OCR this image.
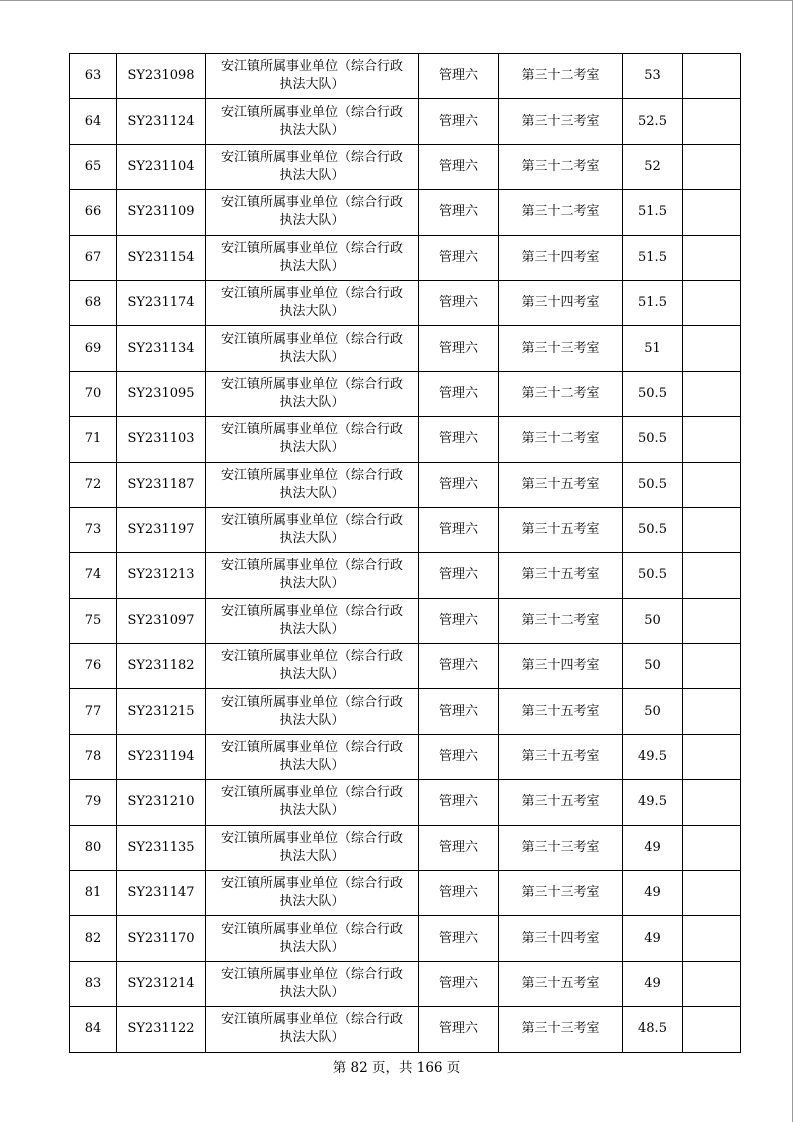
63	SY231098	安江镇所属事业单位（综合行政
执法大队）	管理六	第三十二考室	53	
64	SY231124	安江镇所属事业单位（综合行政
执法大队）	管理六	第三十三考室	52.5	
65	SY231104	安江镇所属事业单位（综合行政
执法大队）	管理六	第三十二考室	52	
66	SY231109	安江镇所属事业单位（综合行政
执法大队）	管理六	第三十二考室	51.5	
67	SY231154	安江镇所属事业单位（综合行政
执法大队）	管理六	第三十四考室	51.5	
68	SY231174	安江镇所属事业单位（综合行政
执法大队）	管理六	第三十四考室	51.5	
69	SY231134	安江镇所属事业单位（综合行政
执法大队）	管理六	第三十三考室	51	
70	SY231095	安江镇所属事业单位（综合行政
执法大队）	管理六	第三十二考室	50.5	
71	SY231103	安江镇所属事业单位（综合行政
执法大队）	管理六	第三十二考室	50.5	
72	SY231187	安江镇所属事业单位（综合行政
执法大队）	管理六	第三十五考室	50.5	
73	SY231197	安江镇所属事业单位（综合行政
执法大队）	管理六	第三十五考室	50.5	
74	SY231213	安江镇所属事业单位（综合行政
执法大队）	管理六	第三十五考室	50.5	
75	SY231097	安江镇所属事业单位（综合行政
执法大队）	管理六	第三十二考室	50	
76	SY231182	安江镇所属事业单位（综合行政
执法大队）	管理六	第三十四考室	50	
77	SY231215	安江镇所属事业单位（综合行政
执法大队）	管理六	第三十五考室	50	
78	SY231194	安江镇所属事业单位（综合行政
执法大队）	管理六	第三十五考室	49.5	
79	SY231210	安江镇所属事业单位（综合行政
执法大队）	管理六	第三十五考室	49.5	
80	SY231135	安江镇所属事业单位（综合行政
执法大队）	管理六	第三十三考室	49	
81	SY231147	安江镇所属事业单位（综合行政
执法大队）	管理六	第三十三考室	49	
82	SY231170	安江镇所属事业单位（综合行政
执法大队）	管理六	第三十四考室	49	
83	SY231214	安江镇所属事业单位（综合行政
执法大队）	管理六	第三十五考室	49	
84	SY231122	安江镇所属事业单位（综合行政
执法大队）	管理六	第三十三考室	48.5	
第 82 页，共 166 页
